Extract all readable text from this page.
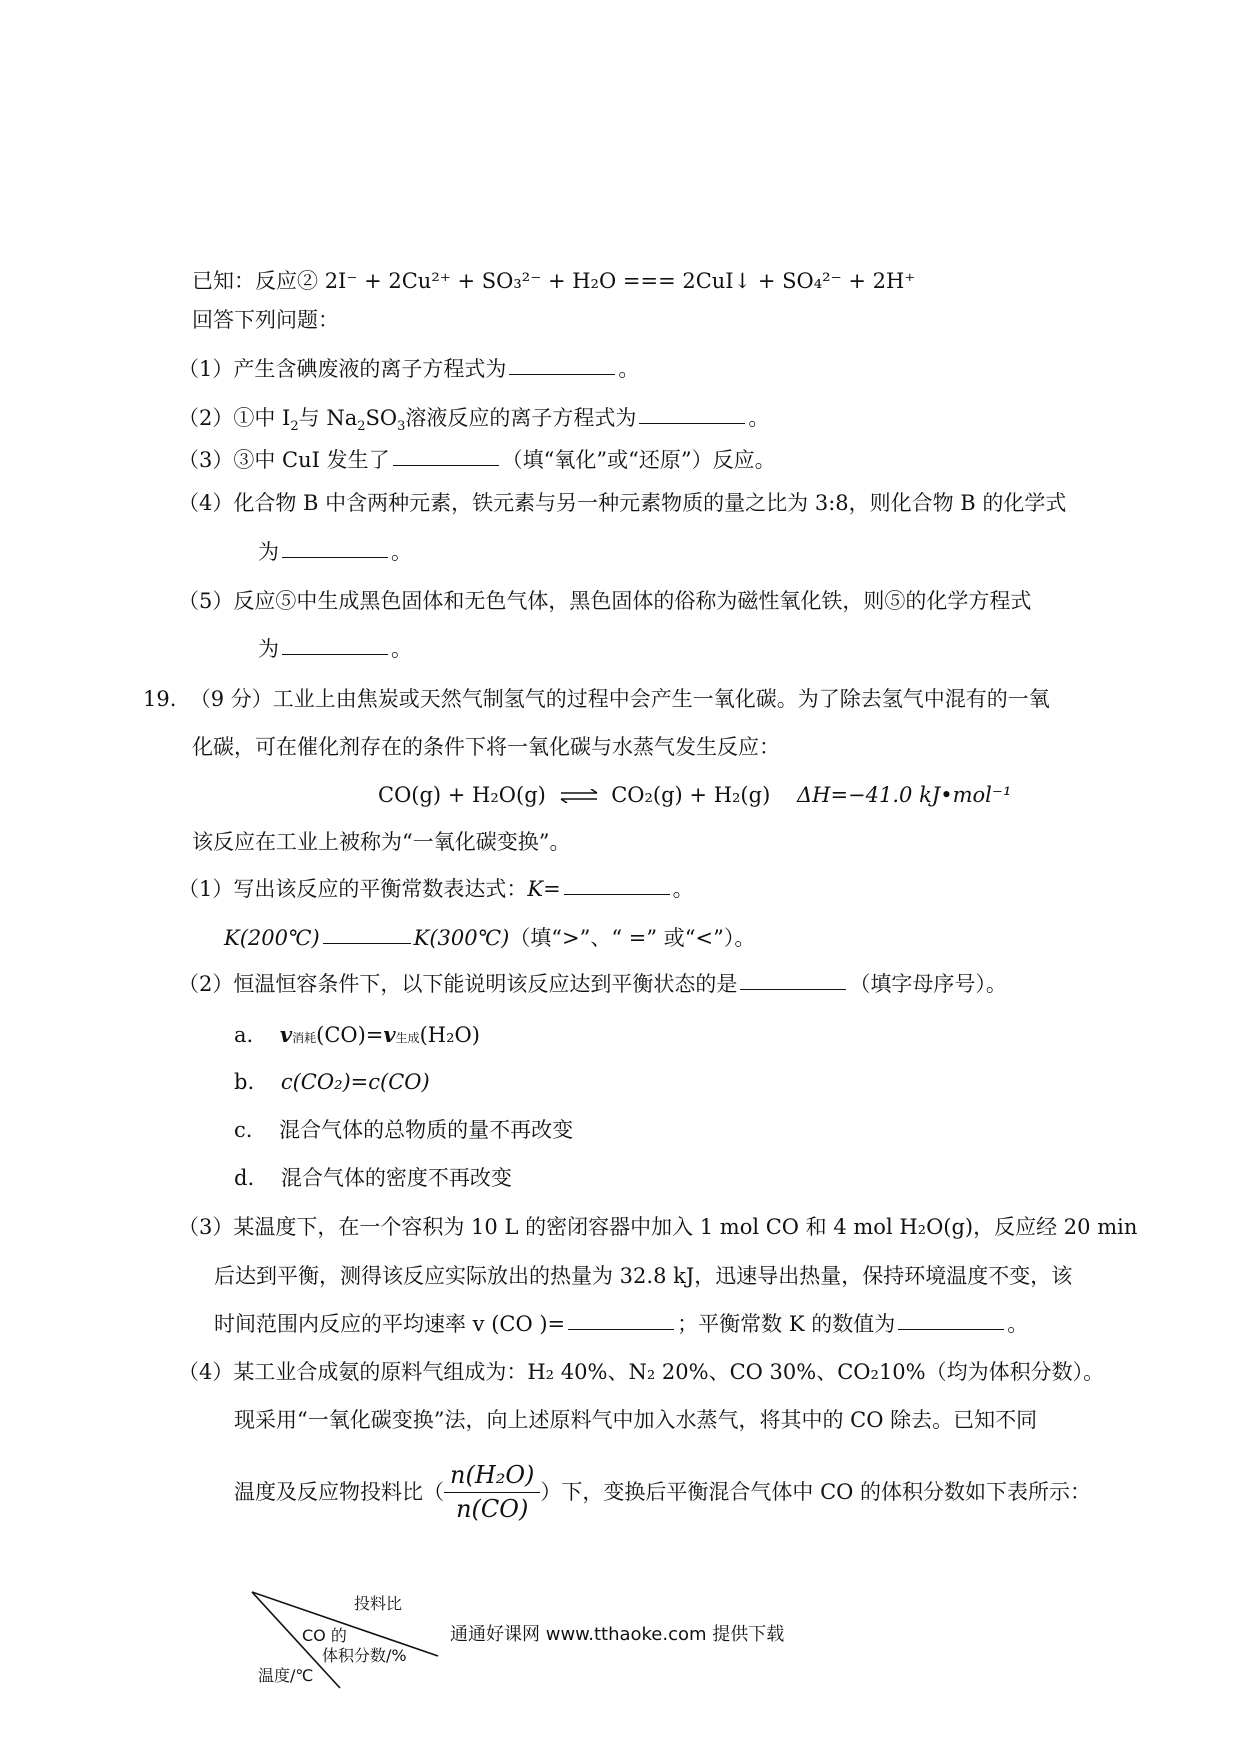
已知：反应② 2I⁻ + 2Cu²⁺ + SO₃²⁻ + H₂O === 2CuI↓ + SO₄²⁻ + 2H⁺
回答下列问题：
（1）产生含碘废液的离子方程式为	。
（2）①中 $I_2$与 $Na_2SO_3$溶液反应的离子方程式为	。
（3）③中 CuI 发生了	（填“氧化”或“还原”）反应。
（4）化合物 B 中含两种元素，铁元素与另一种元素物质的量之比为 3:8，则化合物 B 的化学式
为	。
（5）反应⑤中生成黑色固体和无色气体，黑色固体的俗称为磁性氧化铁，则⑤的化学方程式
为	。
19. （9 分）工业上由焦炭或天然气制氢气的过程中会产生一氧化碳。为了除去氢气中混有的一氧
化碳，可在催化剂存在的条件下将一氧化碳与水蒸气发生反应：
CO(g) + H₂O(g) ⇌ CO₂(g) + H₂(g) ΔH=−41.0 kJ•mol⁻¹
该反应在工业上被称为“一氧化碳变换”。
（1）写出该反应的平衡常数表达式：K=	。
K(200℃)	K(300℃)（填“>”、“ =” 或“<”）。
（2）恒温恒容条件下，以下能说明该反应达到平衡状态的是	（填字母序号）。
a. v消耗(CO)=v生成(H₂O)
b. c(CO₂)=c(CO)
c. 混合气体的总物质的量不再改变
d. 混合气体的密度不再改变
（3）某温度下，在一个容积为 10 L 的密闭容器中加入 1 mol CO 和 4 mol H₂O(g)，反应经 20 min
后达到平衡，测得该反应实际放出的热量为 32.8 kJ，迅速导出热量，保持环境温度不变，该
时间范围内反应的平均速率 v (CO )=	；平衡常数 K 的数值为	。
（4）某工业合成氨的原料气组成为：H₂ 40%、N₂ 20%、CO 30%、CO₂10%（均为体积分数）。
现采用“一氧化碳变换”法，向上述原料气中加入水蒸气，将其中的 CO 除去。已知不同
温度及反应物投料比（ $\frac{\text{n(H₂O)}}{n(CO)}$ ）下，变换后平衡混合气体中 CO 的体积分数如下表所示：
投料比
CO 的
体积分数/%
温度/℃
通通好课网 www.tthaoke.com 提供下载
